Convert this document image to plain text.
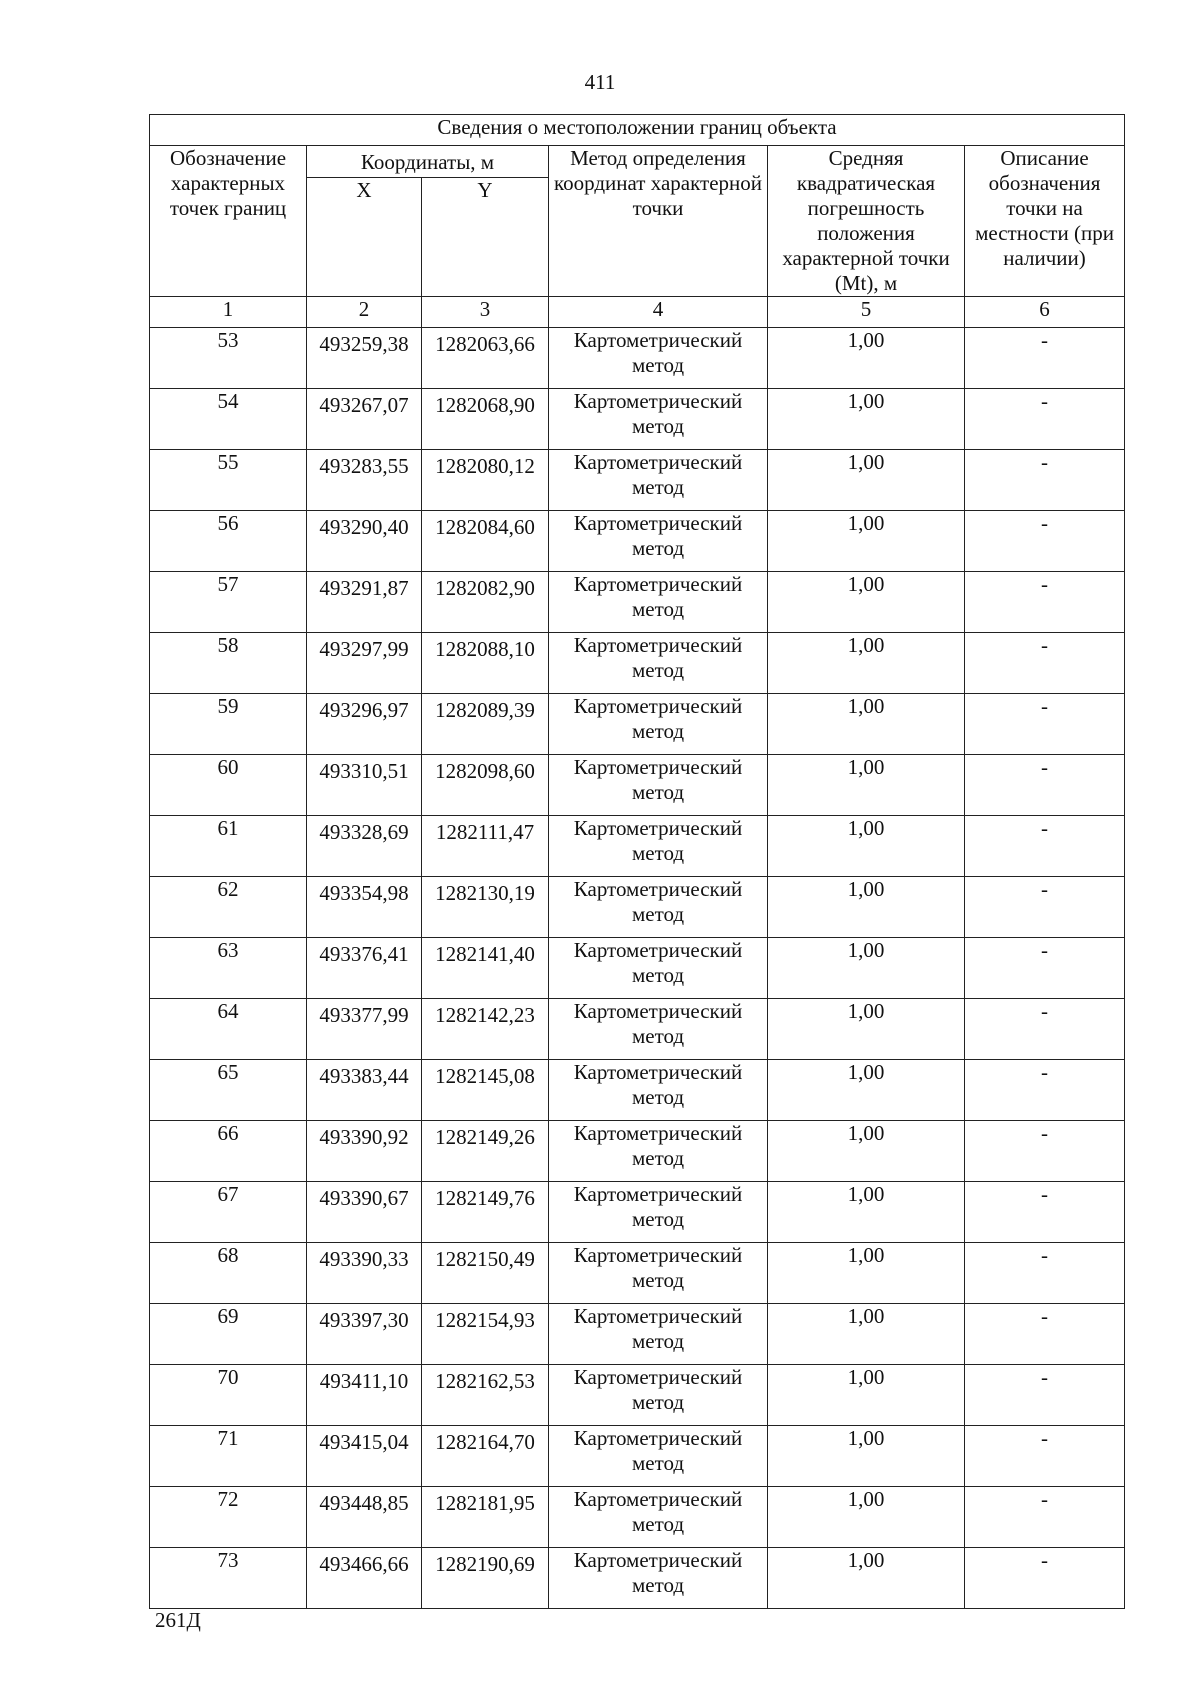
411
Сведения о местоположении границ объекта					
Обозначение характерных точек границ	Координаты, м		Метод определения координат характерной точки	Средняя квадратическая погрешность положения характерной точки (Mt), м	Описание обозначения точки на местности (при наличии)
	X	Y			
1	2	3	4	5	6
53	493259,38	1282063,66	Картометрический метод	1,00	-
54	493267,07	1282068,90	Картометрический метод	1,00	-
55	493283,55	1282080,12	Картометрический метод	1,00	-
56	493290,40	1282084,60	Картометрический метод	1,00	-
57	493291,87	1282082,90	Картометрический метод	1,00	-
58	493297,99	1282088,10	Картометрический метод	1,00	-
59	493296,97	1282089,39	Картометрический метод	1,00	-
60	493310,51	1282098,60	Картометрический метод	1,00	-
61	493328,69	1282111,47	Картометрический метод	1,00	-
62	493354,98	1282130,19	Картометрический метод	1,00	-
63	493376,41	1282141,40	Картометрический метод	1,00	-
64	493377,99	1282142,23	Картометрический метод	1,00	-
65	493383,44	1282145,08	Картометрический метод	1,00	-
66	493390,92	1282149,26	Картометрический метод	1,00	-
67	493390,67	1282149,76	Картометрический метод	1,00	-
68	493390,33	1282150,49	Картометрический метод	1,00	-
69	493397,30	1282154,93	Картометрический метод	1,00	-
70	493411,10	1282162,53	Картометрический метод	1,00	-
71	493415,04	1282164,70	Картометрический метод	1,00	-
72	493448,85	1282181,95	Картометрический метод	1,00	-
73	493466,66	1282190,69	Картометрический метод	1,00	-
261Д
